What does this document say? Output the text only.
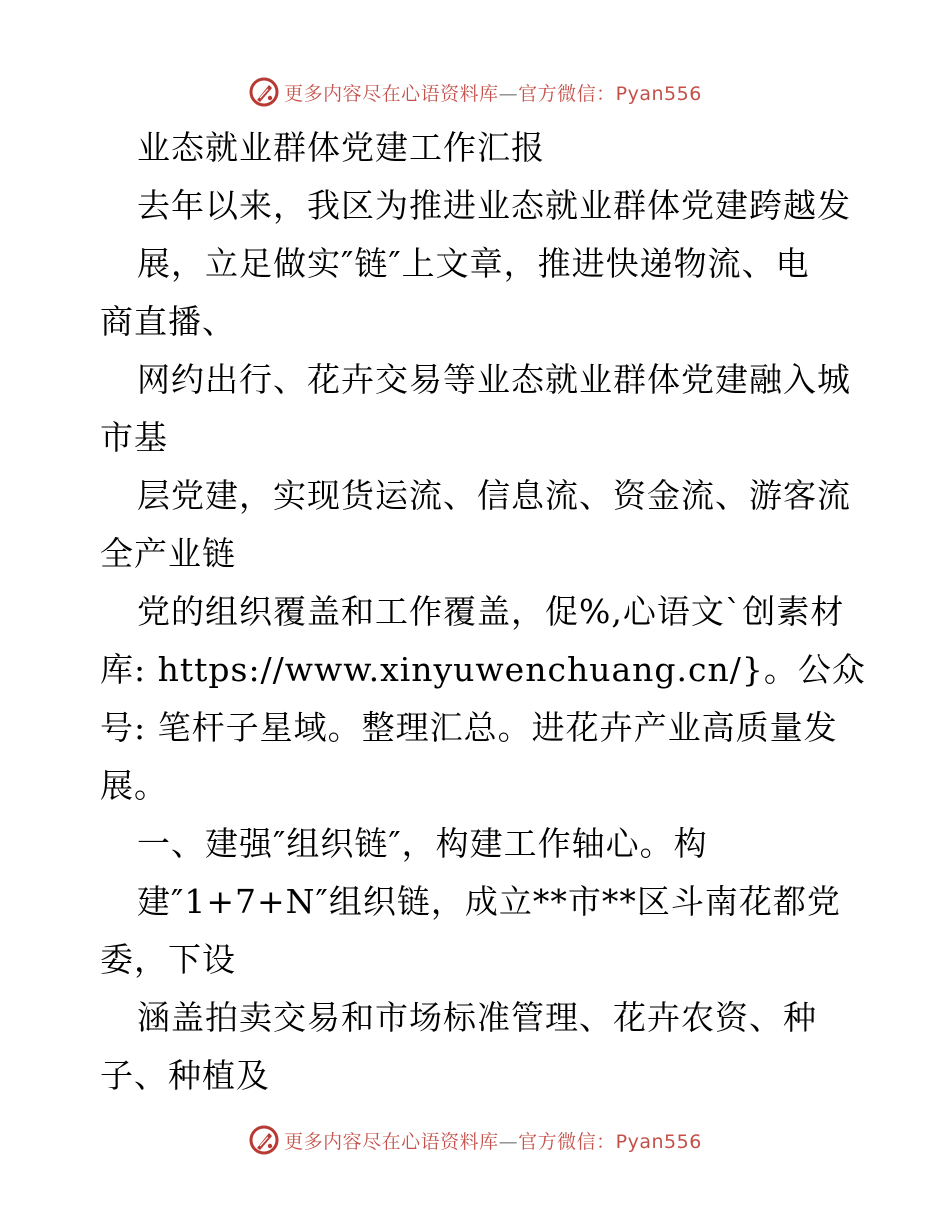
更多内容尽在心语资料库—官方微信：Pyan556
业态就业群体党建工作汇报
去年以来，我区为推进业态就业群体党建跨越发
展，立足做实″链″上文章，推进快递物流、电
商直播、
网约出行、花卉交易等业态就业群体党建融入城
市基
层党建，实现货运流、信息流、资金流、游客流
全产业链
党的组织覆盖和工作覆盖，促%,心语文`创素材
库: https://www.xinyuwenchuang.cn/}。公众
号: 笔杆子星域。整理汇总。进花卉产业高质量发
展。
一、建强″组织链″，构建工作轴心。构
建″1+7+N″组织链，成立**市**区斗南花都党
委，下设
涵盖拍卖交易和市场标准管理、花卉农资、种
子、种植及
更多内容尽在心语资料库—官方微信：Pyan556
